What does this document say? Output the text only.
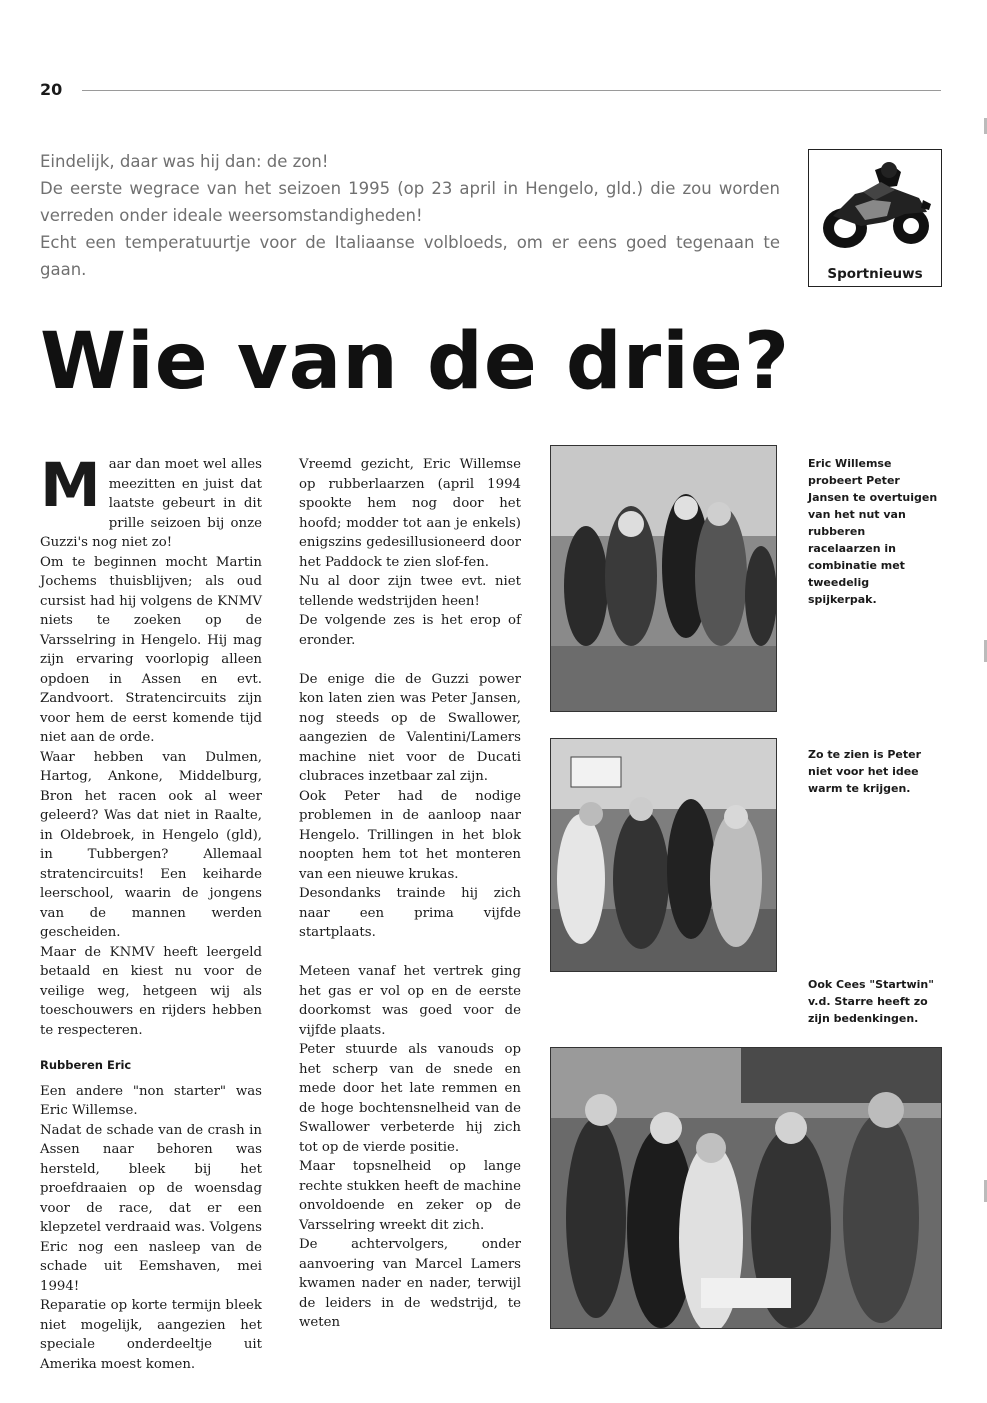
20

Eindelijk, daar was hij dan: de zon!

De eerste wegrace van het seizoen 1995 (op 23 april in Hengelo, gld.) die zou worden verreden onder ideale weersomstandigheden!

Echt een temperatuurtje voor de Italiaanse volbloeds, om er eens goed tegenaan te gaan.	Sportnieuws
Wie van de drie?
M aar dan moet wel alles meezitten en juist dat laatste gebeurt in dit prille seizoen bij onze Guzzi's nog niet zo!

Om te beginnen mocht Martin Jochems thuisblijven; als oud cursist had hij volgens de KNMV niets te zoeken op de Varsselring in Hengelo. Hij mag zijn ervaring voorlopig alleen opdoen in Assen en evt. Zandvoort. Stratencircuits zijn voor hem de eerst komende tijd niet aan de orde.

Waar hebben van Dulmen, Hartog, Ankone, Middelburg, Bron het racen ook al weer geleerd? Was dat niet in Raalte, in Oldebroek, in Hengelo (gld), in Tubbergen? Allemaal stratencircuits! Een keiharde leerschool, waarin de jongens van de mannen werden gescheiden.

Maar de KNMV heeft leergeld betaald en kiest nu voor de veilige weg, hetgeen wij als toeschouwers en rijders hebben te respecteren.

Rubberen Eric

Een andere "non starter" was Eric Willemse.

Nadat de schade van de crash in Assen naar behoren was hersteld, bleek bij het proefdraaien op de woensdag voor de race, dat er een klepzetel verdraaid was. Volgens Eric nog een nasleep van de schade uit Eemshaven, mei 1994!

Reparatie op korte termijn bleek niet mogelijk, aangezien het speciale onderdeeltje uit Amerika moest komen.

Vreemd gezicht, Eric Willemse op rubberlaarzen (april 1994 spookte hem nog door het hoofd; modder tot aan je enkels) enigszins gedesillusioneerd door het Paddock te zien slof-fen.

Nu al door zijn twee evt. niet tellende wedstrijden heen!

De volgende zes is het erop of eronder.

De enige die de Guzzi power kon laten zien was Peter Jansen, nog steeds op de Swallower, aangezien de Valentini/Lamers machine niet voor de Ducati clubraces inzetbaar zal zijn.

Ook Peter had de nodige problemen in de aanloop naar Hengelo. Trillingen in het blok noopten hem tot het monteren van een nieuwe krukas.

Desondanks trainde hij zich naar een prima vijfde startplaats.

Meteen vanaf het vertrek ging het gas er vol op en de eerste doorkomst was goed voor de vijfde plaats.

Peter stuurde als vanouds op het scherp van de snede en mede door het late remmen en de hoge bochtensnelheid van de Swallower verbeterde hij zich tot op de vierde positie.

Maar topsnelheid op lange rechte stukken heeft de machine onvoldoende en zeker op de Varsselring wreekt dit zich.

De achtervolgers, onder aanvoering van Marcel Lamers kwamen nader en nader, terwijl de leiders in de wedstrijd, te weten

Eric Willemse probeert Peter Jansen te overtuigen van het nut van rubberen racelaarzen in combinatie met tweedelig spijkerpak.
Zo te zien is Peter niet voor het idee warm te krijgen.
Ook Cees "Startwin" v.d. Starre heeft zo zijn bedenkingen.
